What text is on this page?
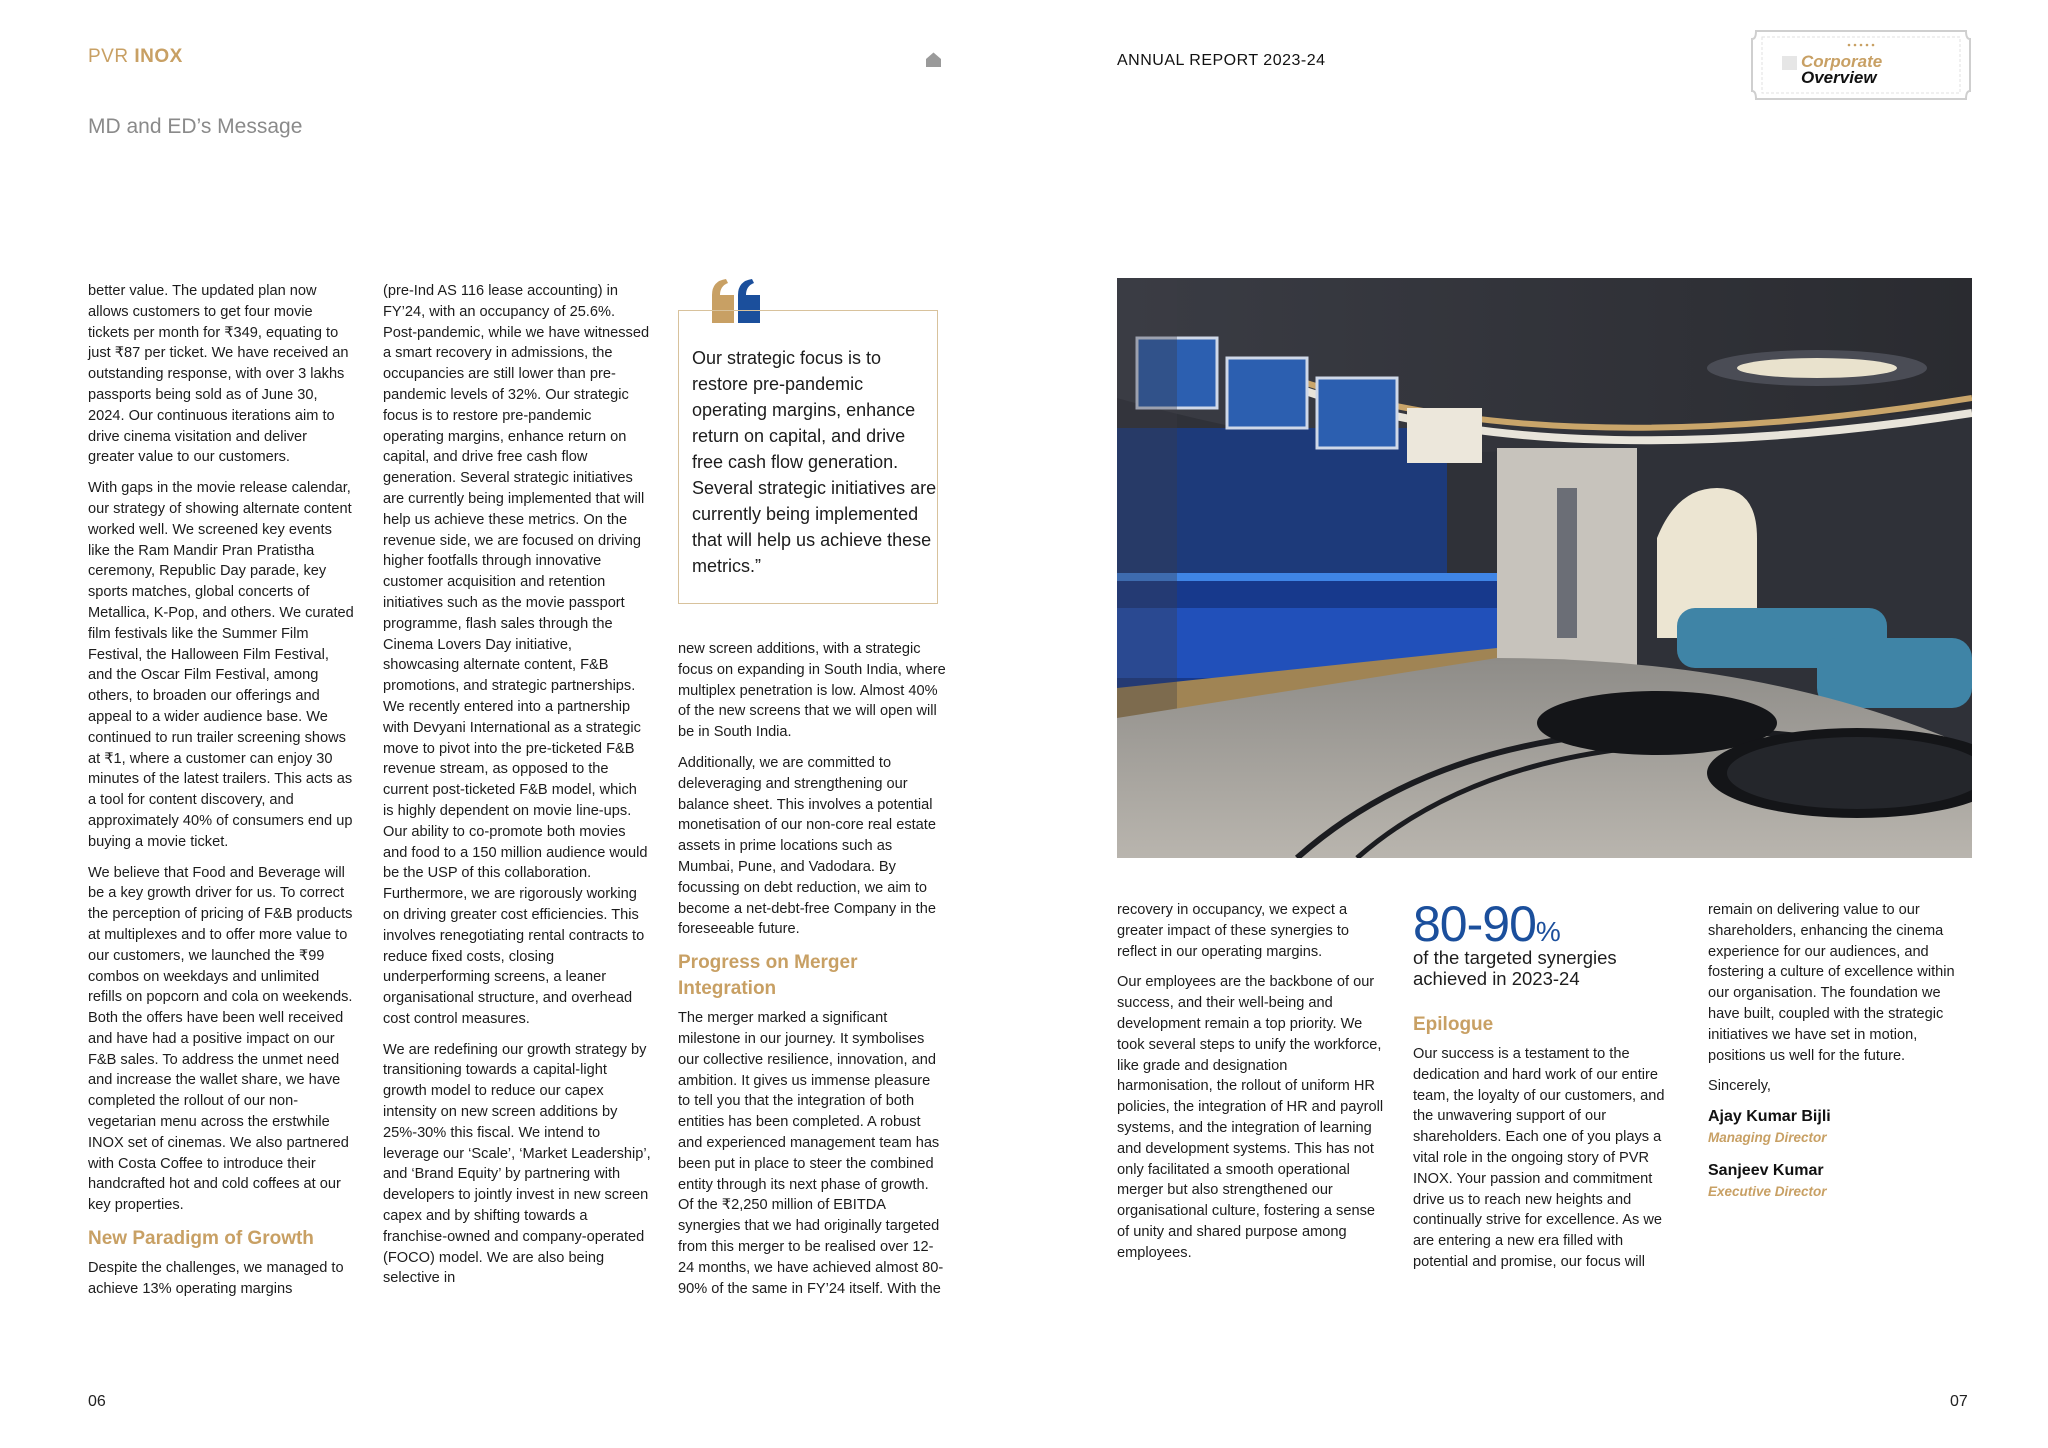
PVR INOX	ANNUAL REPORT 2023-24	Corporate
Overview
MD and ED’s Message

better value. The updated plan now allows customers to get four movie tickets per month for ₹349, equating to just ₹87 per ticket. We have received an outstanding response, with over 3 lakhs passports being sold as of June 30, 2024. Our continuous iterations aim to drive cinema visitation and deliver greater value to our customers.

With gaps in the movie release calendar, our strategy of showing alternate content worked well. We screened key events like the Ram Mandir Pran Pratistha ceremony, Republic Day parade, key sports matches, global concerts of Metallica, K-Pop, and others. We curated film festivals like the Summer Film Festival, the Halloween Film Festival, and the Oscar Film Festival, among others, to broaden our offerings and appeal to a wider audience base. We continued to run trailer screening shows at ₹1, where a customer can enjoy 30 minutes of the latest trailers. This acts as a tool for content discovery, and approximately 40% of consumers end up buying a movie ticket.

We believe that Food and Beverage will be a key growth driver for us. To correct the perception of pricing of F&B products at multiplexes and to offer more value to our customers, we launched the ₹99 combos on weekdays and unlimited refills on popcorn and cola on weekends. Both the offers have been well received and have had a positive impact on our F&B sales. To address the unmet need and increase the wallet share, we have completed the rollout of our non-vegetarian menu across the erstwhile INOX set of cinemas. We also partnered with Costa Coffee to introduce their handcrafted hot and cold coffees at our key properties.

New Paradigm of Growth

Despite the challenges, we managed to achieve 13% operating margins

(pre-Ind AS 116 lease accounting) in FY’24, with an occupancy of 25.6%. Post-pandemic, while we have witnessed a smart recovery in admissions, the occupancies are still lower than pre-pandemic levels of 32%. Our strategic focus is to restore pre-pandemic operating margins, enhance return on capital, and drive free cash flow generation. Several strategic initiatives are currently being implemented that will help us achieve these metrics. On the revenue side, we are focused on driving higher footfalls through innovative customer acquisition and retention initiatives such as the movie passport programme, flash sales through the Cinema Lovers Day initiative, showcasing alternate content, F&B promotions, and strategic partnerships. We recently entered into a partnership with Devyani International as a strategic move to pivot into the pre-ticketed F&B revenue stream, as opposed to the current post-ticketed F&B model, which is highly dependent on movie line-ups. Our ability to co-promote both movies and food to a 150 million audience would be the USP of this collaboration. Furthermore, we are rigorously working on driving greater cost efficiencies. This involves renegotiating rental contracts to reduce fixed costs, closing underperforming screens, a leaner organisational structure, and overhead cost control measures.

We are redefining our growth strategy by transitioning towards a capital-light growth model to reduce our capex intensity on new screen additions by 25%-30% this fiscal. We intend to leverage our ‘Scale’, ‘Market Leadership’, and ‘Brand Equity’ by partnering with developers to jointly invest in new screen capex and by shifting towards a franchise-owned and company-operated (FOCO) model. We are also being selective in

Our strategic focus is to restore pre-pandemic operating margins, enhance return on capital, and drive free cash flow generation. Several strategic initiatives are currently being implemented that will help us achieve these metrics.”

new screen additions, with a strategic focus on expanding in South India, where multiplex penetration is low. Almost 40% of the new screens that we will open will be in South India.

Additionally, we are committed to deleveraging and strengthening our balance sheet. This involves a potential monetisation of our non-core real estate assets in prime locations such as Mumbai, Pune, and Vadodara. By focussing on debt reduction, we aim to become a net-debt-free Company in the foreseeable future.

Progress on Merger Integration

The merger marked a significant milestone in our journey. It symbolises our collective resilience, innovation, and ambition. It gives us immense pleasure to tell you that the integration of both entities has been completed. A robust and experienced management team has been put in place to steer the combined entity through its next phase of growth. Of the ₹2,250 million of EBITDA synergies that we had originally targeted from this merger to be realised over 12-24 months, we have achieved almost 80-90% of the same in FY’24 itself. With the

recovery in occupancy, we expect a greater impact of these synergies to reflect in our operating margins.

Our employees are the backbone of our success, and their well-being and development remain a top priority. We took several steps to unify the workforce, like grade and designation harmonisation, the rollout of uniform HR policies, the integration of HR and payroll systems, and the integration of learning and development systems. This has not only facilitated a smooth operational merger but also strengthened our organisational culture, fostering a sense of unity and shared purpose among employees.

80-90%
of the targeted synergies achieved in 2023-24
Epilogue

Our success is a testament to the dedication and hard work of our entire team, the loyalty of our customers, and the unwavering support of our shareholders. Each one of you plays a vital role in the ongoing story of PVR INOX. Your passion and commitment drive us to reach new heights and continually strive for excellence. As we are entering a new era filled with potential and promise, our focus will

remain on delivering value to our shareholders, enhancing the cinema experience for our audiences, and fostering a culture of excellence within our organisation. The foundation we have built, coupled with the strategic initiatives we have set in motion, positions us well for the future.

Sincerely,

Ajay Kumar Bijli
Managing Director
Sanjeev Kumar
Executive Director
06	07
